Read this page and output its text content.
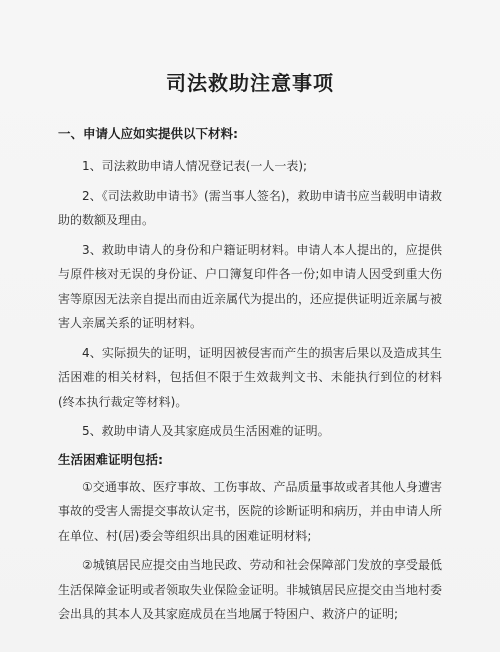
司法救助注意事项
一、申请人应如实提供以下材料:

1、司法救助申请人情况登记表(一人一表);

2、《司法救助申请书》(需当事人签名)，救助申请书应当载明申请救助的数额及理由。

3、救助申请人的身份和户籍证明材料。申请人本人提出的，应提供与原件核对无误的身份证、户口簿复印件各一份;如申请人因受到重大伤害等原因无法亲自提出而由近亲属代为提出的，还应提供证明近亲属与被害人亲属关系的证明材料。

4、实际损失的证明，证明因被侵害而产生的损害后果以及造成其生活困难的相关材料，包括但不限于生效裁判文书、未能执行到位的材料(终本执行裁定等材料)。

5、救助申请人及其家庭成员生活困难的证明。

生活困难证明包括:

①交通事故、医疗事故、工伤事故、产品质量事故或者其他人身遭害事故的受害人需提交事故认定书，医院的诊断证明和病历，并由申请人所在单位、村(居)委会等组织出具的困难证明材料;

②城镇居民应提交由当地民政、劳动和社会保障部门发放的享受最低生活保障金证明或者领取失业保险金证明。非城镇居民应提交由当地村委会出具的其本人及其家庭成员在当地属于特困户、救济户的证明;
